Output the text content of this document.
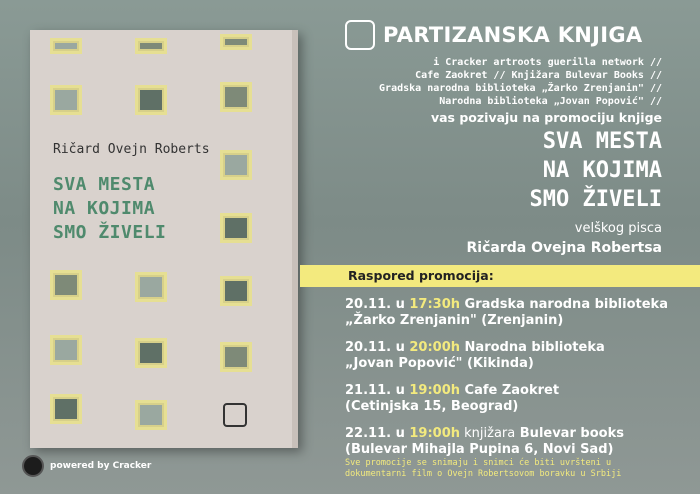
Ričard Ovejn Roberts
SVA MESTA
NA KOJIMA
SMO ŽIVELI
PARTIZANSKA KNJIGA
i Cracker artroots guerilla network //
Cafe Zaokret // Knjižara Bulevar Books //
Gradska narodna biblioteka „Žarko Zrenjanin" //
Narodna biblioteka „Jovan Popović" //
vas pozivaju na promociju knjige
SVA MESTA
NA KOJIMA
SMO ŽIVELI
velškog pisca
Ričarda Ovejna Robertsa
Raspored promocija:
20.11. u 17:30h Gradska narodna biblioteka
„Žarko Zrenjanin" (Zrenjanin)
20.11. u 20:00h Narodna biblioteka
„Jovan Popović" (Kikinda)
21.11. u 19:00h Cafe Zaokret
(Cetinjska 15, Beograd)
22.11. u 19:00h knjižara Bulevar books
(Bulevar Mihajla Pupina 6, Novi Sad)
Sve promocije se snimaju i snimci će biti uvršteni u dokumentarni film o Ovejn Robertsovom boravku u Srbiji
powered by Cracker
